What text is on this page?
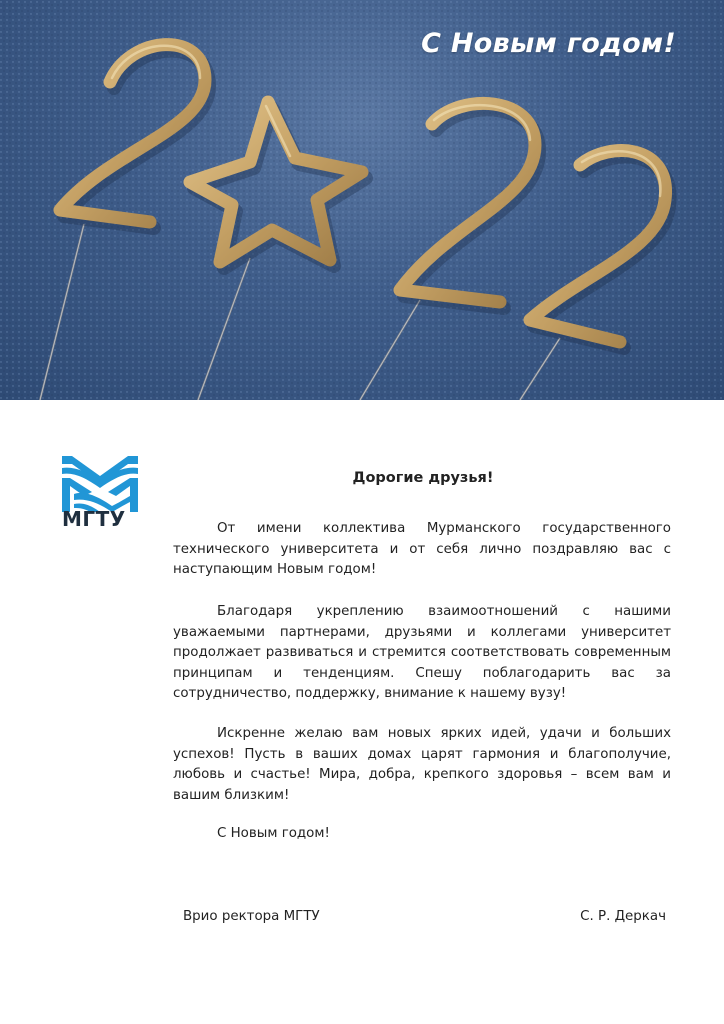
С Новым годом!
МГТУ
Дорогие друзья!

От имени коллектива Мурманского государственного технического университета и от себя лично поздравляю вас с наступающим Новым годом!

Благодаря укреплению взаимоотношений с нашими уважаемыми партнерами, друзьями и коллегами университет продолжает развиваться и стремится соответствовать современным принципам и тенденциям. Спешу поблагодарить вас за сотрудничество, поддержку, внимание к нашему вузу!

Искренне желаю вам новых ярких идей, удачи и больших успехов! Пусть в ваших домах царят гармония и благополучие, любовь и счастье! Мира, добра, крепкого здоровья – всем вам и вашим близким!

С Новым годом!

Врио ректора МГТУ	С. Р. Деркач
